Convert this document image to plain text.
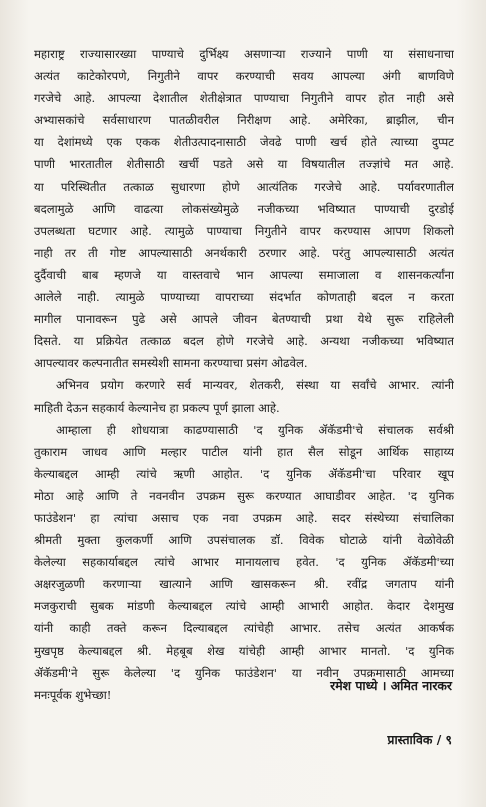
महाराष्ट्र राज्यासारख्या पाण्याचे दुर्भिक्ष्य असणाऱ्या राज्याने पाणी या संसाधनाचा
अत्यंत काटेकोरपणे, निगुतीने वापर करण्याची सवय आपल्या अंगी बाणविणे
गरजेचे आहे. आपल्या देशातील शेतीक्षेत्रात पाण्याचा निगुतीने वापर होत नाही असे
अभ्यासकांचे सर्वसाधारण पातळीवरील निरीक्षण आहे. अमेरिका, ब्राझील, चीन
या देशांमध्ये एक एकक शेतीउत्पादनासाठी जेवढे पाणी खर्च होते त्याच्या दुप्पट
पाणी भारतातील शेतीसाठी खर्ची पडते असे या विषयातील तज्ज्ञांचे मत आहे.
या परिस्थितीत तत्काळ सुधारणा होणे आत्यंतिक गरजेचे आहे. पर्यावरणातील
बदलामुळे आणि वाढत्या लोकसंख्येमुळे नजीकच्या भविष्यात पाण्याची दुरडोई
उपलब्धता घटणार आहे. त्यामुळे पाण्याचा निगुतीने वापर करण्यास आपण शिकलो
नाही तर ती गोष्ट आपल्यासाठी अनर्थकारी ठरणार आहे. परंतु आपल्यासाठी अत्यंत
दुर्दैवाची बाब म्हणजे या वास्तवाचे भान आपल्या समाजाला व शासनकर्त्यांना
आलेले नाही. त्यामुळे पाण्याच्या वापराच्या संदर्भात कोणताही बदल न करता
मागील पानावरून पुढे असे आपले जीवन बेतण्याची प्रथा येथे सुरू राहिलेली
दिसते. या प्रक्रियेत तत्काळ बदल होणे गरजेचे आहे. अन्यथा नजीकच्या भविष्यात
आपल्यावर कल्पनातीत समस्येशी सामना करण्याचा प्रसंग ओढवेल.
अभिनव प्रयोग करणारे सर्व मान्यवर, शेतकरी, संस्था या सर्वांचे आभार. त्यांनी
माहिती देऊन सहकार्य केल्यानेच हा प्रकल्प पूर्ण झाला आहे.
आम्हाला ही शोधयात्रा काढण्यासाठी 'द युनिक ॲकॅडमी'चे संचालक सर्वश्री
तुकाराम जाधव आणि मल्हार पाटील यांनी हात सैल सोडून आर्थिक साहाय्य
केल्याबद्दल आम्ही त्यांचे ऋणी आहोत. 'द युनिक ॲकॅडमी'चा परिवार खूप
मोठा आहे आणि ते नवनवीन उपक्रम सुरू करण्यात आघाडीवर आहेत. 'द युनिक
फाउंडेशन' हा त्यांचा असाच एक नवा उपक्रम आहे. सदर संस्थेच्या संचालिका
श्रीमती मुक्ता कुलकर्णी आणि उपसंचालक डॉ. विवेक घोटाळे यांनी वेळोवेळी
केलेल्या सहकार्याबद्दल त्यांचे आभार मानायलाच हवेत. 'द युनिक ॲकॅडमी'च्या
अक्षरजुळणी करणाऱ्या खात्याने आणि खासकरून श्री. रवींद्र जगताप यांनी
मजकुराची सुबक मांडणी केल्याबद्दल त्यांचे आम्ही आभारी आहोत. केदार देशमुख
यांनी काही तक्ते करून दिल्याबद्दल त्यांचेही आभार. तसेच अत्यंत आकर्षक
मुखपृष्ठ केल्याबद्दल श्री. मेहबूब शेख यांचेही आम्ही आभार मानतो. 'द युनिक
ॲकॅडमी'ने सुरू केलेल्या 'द युनिक फाउंडेशन' या नवीन उपक्रमासाठी आमच्या
मनःपूर्वक शुभेच्छा!
रमेश पाध्ये । अमित नारकर
प्रास्ताविक / ९
